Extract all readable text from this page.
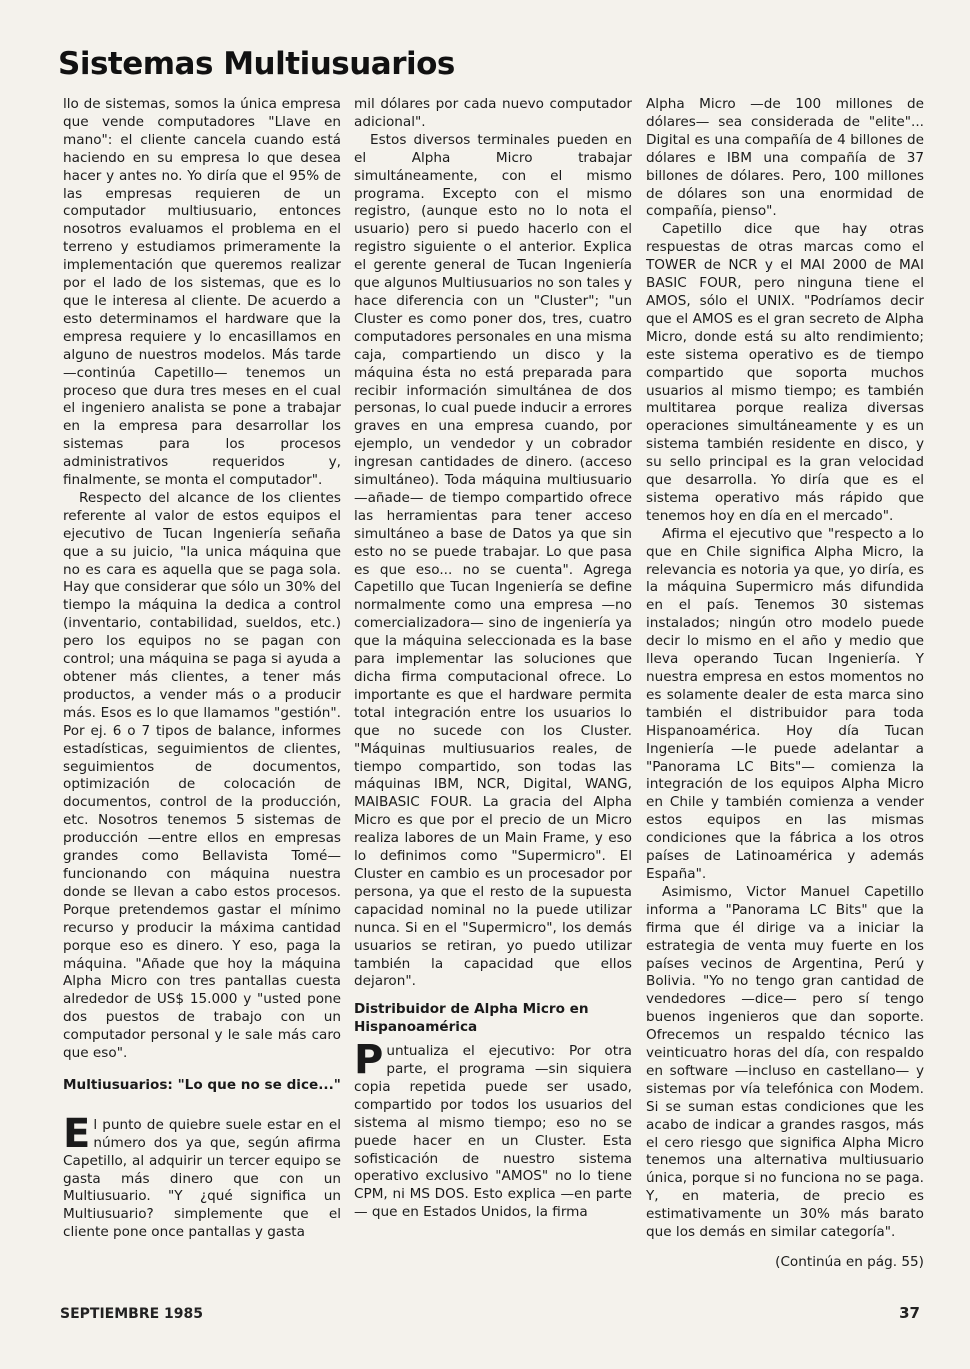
Sistemas Multiusuarios

llo de sistemas, somos la única empresa que vende computadores "Llave en mano": el cliente cancela cuando está haciendo en su empresa lo que desea hacer y antes no. Yo diría que el 95% de las empresas requieren de un computador multiusuario, entonces nosotros evaluamos el problema en el terreno y estudiamos primeramente la implementación que queremos realizar por el lado de los sistemas, que es lo que le interesa al cliente. De acuerdo a esto determinamos el hardware que la empresa requiere y lo encasillamos en alguno de nuestros modelos. Más tarde —continúa Capetillo— tenemos un proceso que dura tres meses en el cual el ingeniero analista se pone a trabajar en la empresa para desarrollar los sistemas para los procesos administrativos requeridos y, finalmente, se monta el computador".

Respecto del alcance de los clientes referente al valor de estos equipos el ejecutivo de Tucan Ingeniería señaña que a su juicio, "la unica máquina que no es cara es aquella que se paga sola. Hay que considerar que sólo un 30% del tiempo la máquina la dedica a control (inventario, contabilidad, sueldos, etc.) pero los equipos no se pagan con control; una máquina se paga si ayuda a obtener más clientes, a tener más productos, a vender más o a producir más. Esos es lo que llamamos "gestión". Por ej. 6 o 7 tipos de balance, informes estadísticas, seguimientos de clientes, seguimientos de documentos, optimización de colocación de documentos, control de la producción, etc. Nosotros tenemos 5 sistemas de producción —entre ellos en empresas grandes como Bellavista Tomé— funcionando con máquina nuestra donde se llevan a cabo estos procesos. Porque pretendemos gastar el mínimo recurso y producir la máxima cantidad porque eso es dinero. Y eso, paga la máquina. "Añade que hoy la máquina Alpha Micro con tres pantallas cuesta alrededor de US$ 15.000 y "usted pone dos puestos de trabajo con un computador personal y le sale más caro que eso".

Multiusuarios: "Lo que no se dice..."

El punto de quiebre suele estar en el número dos ya que, según afirma Capetillo, al adquirir un tercer equipo se gasta más dinero que con un Multiusuario. "Y ¿qué significa un Multiusuario? simplemente que el cliente pone once pantallas y gasta

mil dólares por cada nuevo computador adicional".

Estos diversos terminales pueden en el Alpha Micro trabajar simultáneamente, con el mismo programa. Excepto con el mismo registro, (aunque esto no lo nota el usuario) pero si puedo hacerlo con el registro siguiente o el anterior. Explica el gerente general de Tucan Ingeniería que algunos Multiusuarios no son tales y hace diferencia con un "Cluster"; "un Cluster es como poner dos, tres, cuatro computadores personales en una misma caja, compartiendo un disco y la máquina ésta no está preparada para recibir información simultánea de dos personas, lo cual puede inducir a errores graves en una empresa cuando, por ejemplo, un vendedor y un cobrador ingresan cantidades de dinero. (acceso simultáneo). Toda máquina multiusuario —añade— de tiempo compartido ofrece las herramientas para tener acceso simultáneo a base de Datos ya que sin esto no se puede trabajar. Lo que pasa es que eso... no se cuenta". Agrega Capetillo que Tucan Ingeniería se define normalmente como una empresa —no comercializadora— sino de ingeniería ya que la máquina seleccionada es la base para implementar las soluciones que dicha firma computacional ofrece. Lo importante es que el hardware permita total integración entre los usuarios lo que no sucede con los Cluster. "Máquinas multiusuarios reales, de tiempo compartido, son todas las máquinas IBM, NCR, Digital, WANG, MAIBASIC FOUR. La gracia del Alpha Micro es que por el precio de un Micro realiza labores de un Main Frame, y eso lo definimos como "Supermicro". El Cluster en cambio es un procesador por persona, ya que el resto de la supuesta capacidad nominal no la puede utilizar nunca. Si en el "Supermicro", los demás usuarios se retiran, yo puedo utilizar también la capacidad que ellos dejaron".

Distribuidor de Alpha Micro en Hispanoamérica

Puntualiza el ejecutivo: Por otra parte, el programa —sin siquiera copia repetida puede ser usado, compartido por todos los usuarios del sistema al mismo tiempo; eso no se puede hacer en un Cluster. Esta sofisticación de nuestro sistema operativo exclusivo "AMOS" no lo tiene CPM, ni MS DOS. Esto explica —en parte— que en Estados Unidos, la firma

Alpha Micro —de 100 millones de dólares— sea considerada de "elite"... Digital es una compañía de 4 billones de dólares e IBM una compañía de 37 billones de dólares. Pero, 100 millones de dólares son una enormidad de compañía, pienso".

Capetillo dice que hay otras respuestas de otras marcas como el TOWER de NCR y el MAI 2000 de MAI BASIC FOUR, pero ninguna tiene el AMOS, sólo el UNIX. "Podríamos decir que el AMOS es el gran secreto de Alpha Micro, donde está su alto rendimiento; este sistema operativo es de tiempo compartido que soporta muchos usuarios al mismo tiempo; es también multitarea porque realiza diversas operaciones simultáneamente y es un sistema también residente en disco, y su sello principal es la gran velocidad que desarrolla. Yo diría que es el sistema operativo más rápido que tenemos hoy en día en el mercado".

Afirma el ejecutivo que "respecto a lo que en Chile significa Alpha Micro, la relevancia es notoria ya que, yo diría, es la máquina Supermicro más difundida en el país. Tenemos 30 sistemas instalados; ningún otro modelo puede decir lo mismo en el año y medio que lleva operando Tucan Ingeniería. Y nuestra empresa en estos momentos no es solamente dealer de esta marca sino también el distribuidor para toda Hispanoamérica. Hoy día Tucan Ingeniería —le puede adelantar a "Panorama LC Bits"— comienza la integración de los equipos Alpha Micro en Chile y también comienza a vender estos equipos en las mismas condiciones que la fábrica a los otros países de Latinoamérica y además España".

Asimismo, Victor Manuel Capetillo informa a "Panorama LC Bits" que la firma que él dirige va a iniciar la estrategia de venta muy fuerte en los países vecinos de Argentina, Perú y Bolivia. "Yo no tengo gran cantidad de vendedores —dice— pero sí tengo buenos ingenieros que dan soporte. Ofrecemos un respaldo técnico las veinticuatro horas del día, con respaldo en software —incluso en castellano— y sistemas por vía telefónica con Modem. Si se suman estas condiciones que les acabo de indicar a grandes rasgos, más el cero riesgo que significa Alpha Micro tenemos una alternativa multiusuario única, porque si no funciona no se paga. Y, en materia, de precio es estimativamente un 30% más barato que los demás en similar categoría".

(Continúa en pág. 55)
SEPTIEMBRE 1985	37
